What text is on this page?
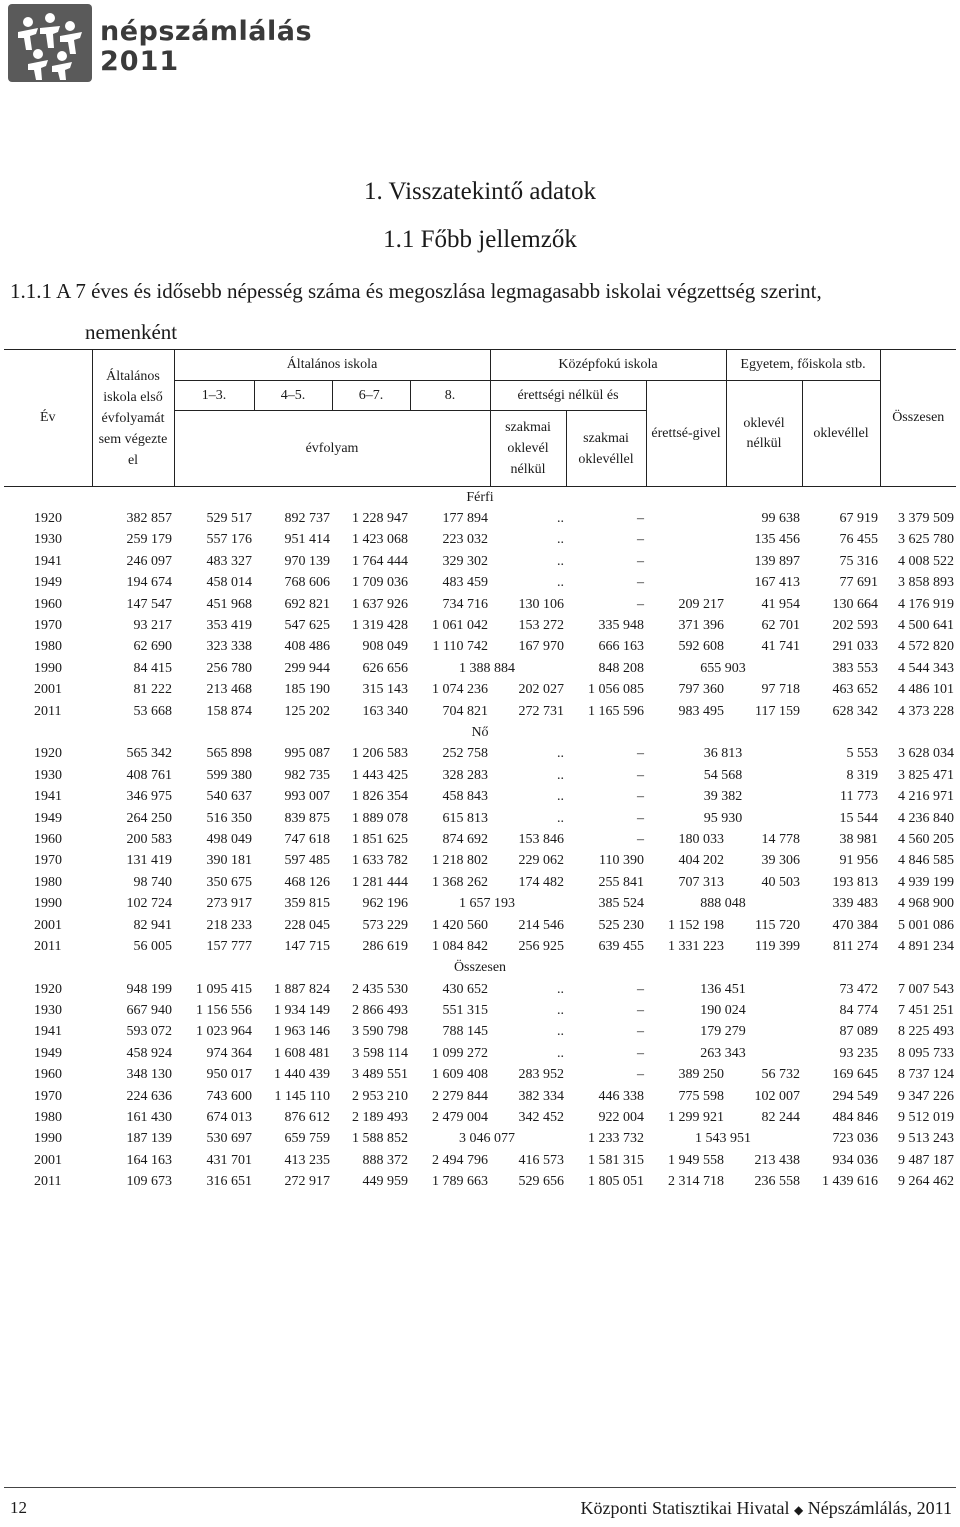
népszámlálás
2011
1. Visszatekintő adatok
1.1 Főbb jellemzők
1.1.1 A 7 éves és idősebb népesség száma és megoszlása legmagasabb iskolai végzettség szerint,
nemenként
Év	Általános iskola első évfolyamát sem végezte el	Általános iskola				Középfokú iskola			Egyetem, főiskola stb.		Összesen
		1–3.	4–5.	6–7.	8.	érettségi nélkül és		érettsé-givel	oklevél nélkül	oklevéllel	
		évfolyam				szakmai oklevél nélkül	szakmai oklevéllel				

Férfi											
1920	382 857	529 517	892 737	1 228 947	177 894	..	–		99 638	67 919	3 379 509
1930	259 179	557 176	951 414	1 423 068	223 032	..	–		135 456	76 455	3 625 780
1941	246 097	483 327	970 139	1 764 444	329 302	..	–		139 897	75 316	4 008 522
1949	194 674	458 014	768 606	1 709 036	483 459	..	–		167 413	77 691	3 858 893
1960	147 547	451 968	692 821	1 637 926	734 716	130 106	–	209 217	41 954	130 664	4 176 919
1970	93 217	353 419	547 625	1 319 428	1 061 042	153 272	335 948	371 396	62 701	202 593	4 500 641
1980	62 690	323 338	408 486	908 049	1 110 742	167 970	666 163	592 608	41 741	291 033	4 572 820
1990	84 415	256 780	299 944	626 656	1 388 884		848 208	655 903		383 553	4 544 343
2001	81 222	213 468	185 190	315 143	1 074 236	202 027	1 056 085	797 360	97 718	463 652	4 486 101
2011	53 668	158 874	125 202	163 340	704 821	272 731	1 165 596	983 495	117 159	628 342	4 373 228
Nő											
1920	565 342	565 898	995 087	1 206 583	252 758	..	–	36 813		5 553	3 628 034
1930	408 761	599 380	982 735	1 443 425	328 283	..	–	54 568		8 319	3 825 471
1941	346 975	540 637	993 007	1 826 354	458 843	..	–	39 382		11 773	4 216 971
1949	264 250	516 350	839 875	1 889 078	615 813	..	–	95 930		15 544	4 236 840
1960	200 583	498 049	747 618	1 851 625	874 692	153 846	–	180 033	14 778	38 981	4 560 205
1970	131 419	390 181	597 485	1 633 782	1 218 802	229 062	110 390	404 202	39 306	91 956	4 846 585
1980	98 740	350 675	468 126	1 281 444	1 368 262	174 482	255 841	707 313	40 503	193 813	4 939 199
1990	102 724	273 917	359 815	962 196	1 657 193		385 524	888 048		339 483	4 968 900
2001	82 941	218 233	228 045	573 229	1 420 560	214 546	525 230	1 152 198	115 720	470 384	5 001 086
2011	56 005	157 777	147 715	286 619	1 084 842	256 925	639 455	1 331 223	119 399	811 274	4 891 234
Összesen											
1920	948 199	1 095 415	1 887 824	2 435 530	430 652	..	–	136 451		73 472	7 007 543
1930	667 940	1 156 556	1 934 149	2 866 493	551 315	..	–	190 024		84 774	7 451 251
1941	593 072	1 023 964	1 963 146	3 590 798	788 145	..	–	179 279		87 089	8 225 493
1949	458 924	974 364	1 608 481	3 598 114	1 099 272	..	–	263 343		93 235	8 095 733
1960	348 130	950 017	1 440 439	3 489 551	1 609 408	283 952	–	389 250	56 732	169 645	8 737 124
1970	224 636	743 600	1 145 110	2 953 210	2 279 844	382 334	446 338	775 598	102 007	294 549	9 347 226
1980	161 430	674 013	876 612	2 189 493	2 479 004	342 452	922 004	1 299 921	82 244	484 846	9 512 019
1990	187 139	530 697	659 759	1 588 852	3 046 077		1 233 732	1 543 951		723 036	9 513 243
2001	164 163	431 701	413 235	888 372	2 494 796	416 573	1 581 315	1 949 558	213 438	934 036	9 487 187
2011	109 673	316 651	272 917	449 959	1 789 663	529 656	1 805 051	2 314 718	236 558	1 439 616	9 264 462
12	Központi Statisztikai Hivatal ◆ Népszámlálás, 2011
